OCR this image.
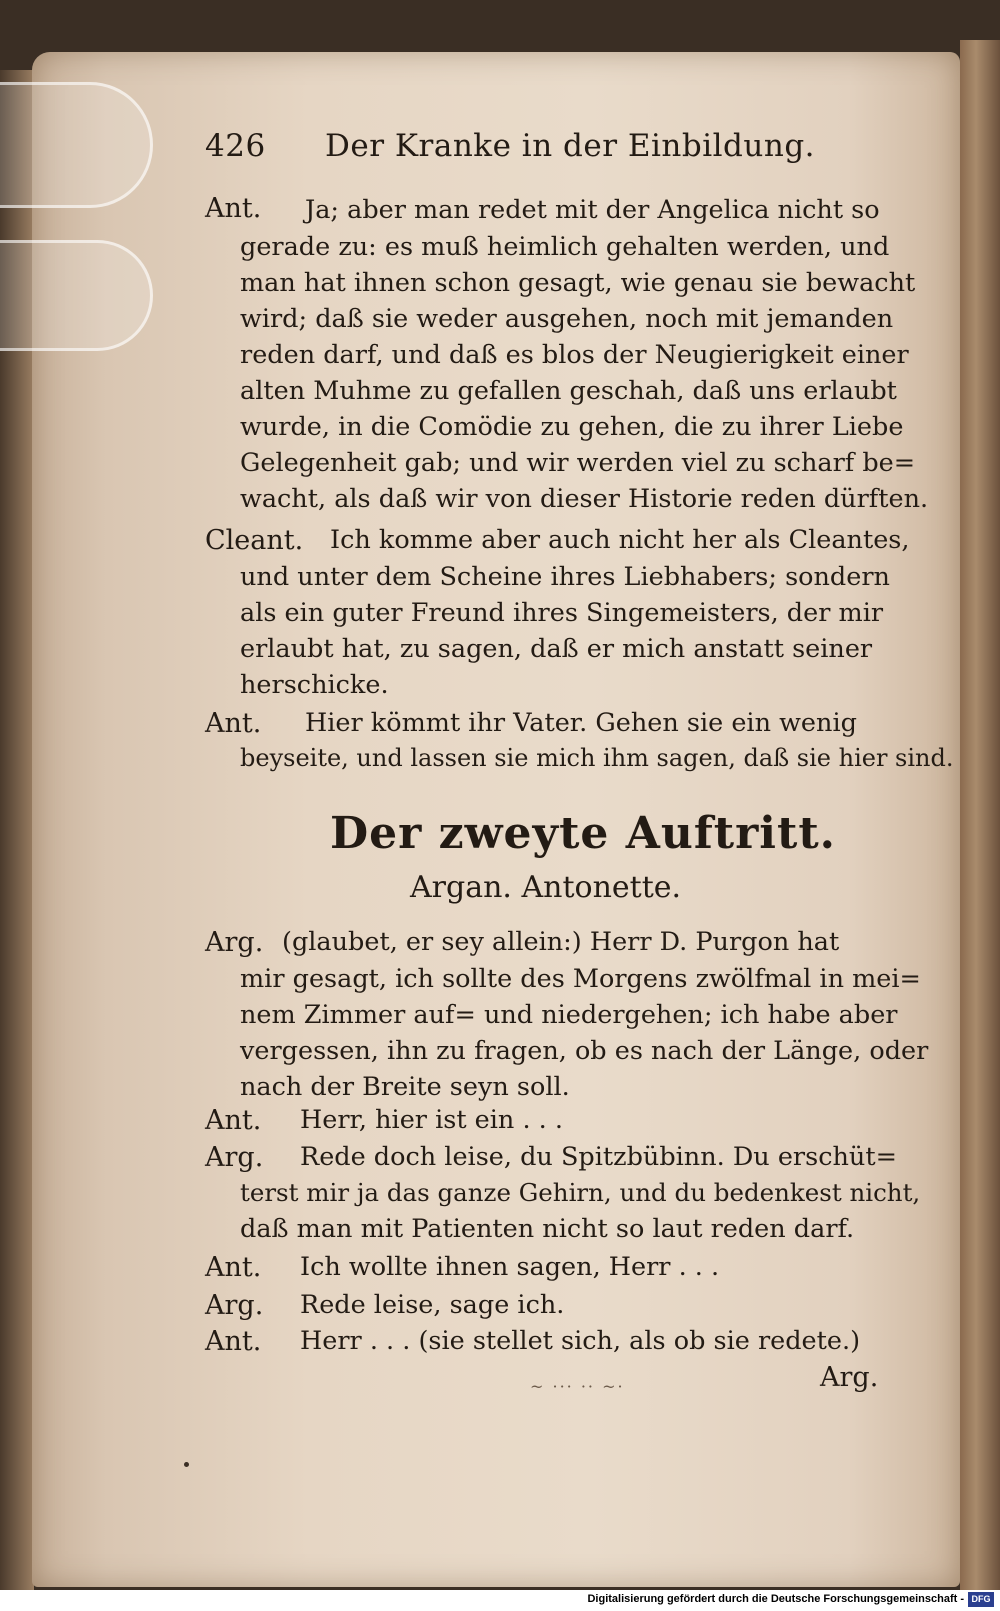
426 Der Kranke in der Einbildung.
Ant. Ja; aber man redet mit der Angelica nicht so
gerade zu: es muß heimlich gehalten werden, und
man hat ihnen schon gesagt, wie genau sie bewacht
wird; daß sie weder ausgehen, noch mit jemanden
reden darf, und daß es blos der Neugierigkeit einer
alten Muhme zu gefallen geschah, daß uns erlaubt
wurde, in die Comödie zu gehen, die zu ihrer Liebe
Gelegenheit gab; und wir werden viel zu scharf be=
wacht, als daß wir von dieser Historie reden dürften.
Cleant. Ich komme aber auch nicht her als Cleantes,
und unter dem Scheine ihres Liebhabers; sondern
als ein guter Freund ihres Singemeisters, der mir
erlaubt hat, zu sagen, daß er mich anstatt seiner
herschicke.
Ant. Hier kömmt ihr Vater. Gehen sie ein wenig
beyseite, und lassen sie mich ihm sagen, daß sie hier sind.
Der zweyte Auftritt.
Argan. Antonette.
Arg. (glaubet, er sey allein:) Herr D. Purgon hat
mir gesagt, ich sollte des Morgens zwölfmal in mei=
nem Zimmer auf= und niedergehen; ich habe aber
vergessen, ihn zu fragen, ob es nach der Länge, oder
nach der Breite seyn soll.
Ant. Herr, hier ist ein . . .
Arg. Rede doch leise, du Spitzbübinn. Du erschüt=
terst mir ja das ganze Gehirn, und du bedenkest nicht,
daß man mit Patienten nicht so laut reden darf.
Ant. Ich wollte ihnen sagen, Herr . . .
Arg. Rede leise, sage ich.
Ant. Herr . . . (sie stellet sich, als ob sie redete.)
~ ··· ·· ~·	Arg.
Digitalisierung gefördert durch die Deutsche Forschungsgemeinschaft - DFG
